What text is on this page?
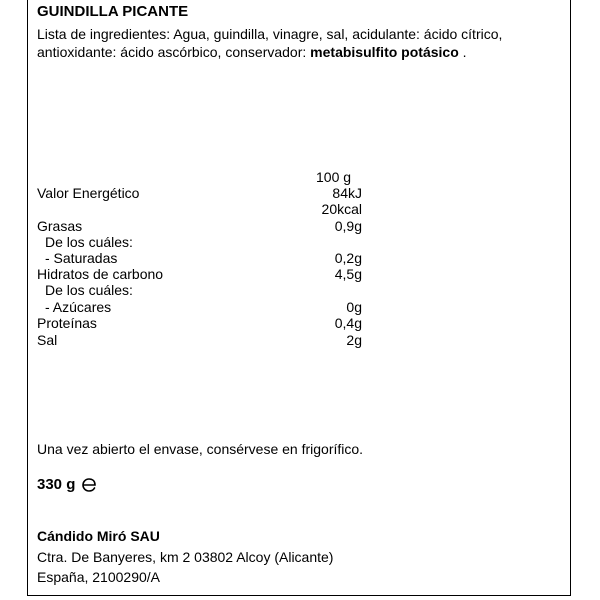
GUINDILLA PICANTE
Lista de ingredientes: Agua, guindilla, vinagre, sal, acidulante: ácido cítrico,
antioxidante: ácido ascórbico, conservador: metabisulfito potásico .
100 g
Valor Energético	84kJ
20kcal
Grasas	0,9g
De los cuáles:
- Saturadas	0,2g
Hidratos de carbono	4,5g
De los cuáles:
- Azúcares	0g
Proteínas	0,4g
Sal	2g
Una vez abierto el envase, consérvese en frigorífico.
330 g
Cándido Miró SAU
Ctra. De Banyeres, km 2 03802 Alcoy (Alicante)
España, 2100290/A
